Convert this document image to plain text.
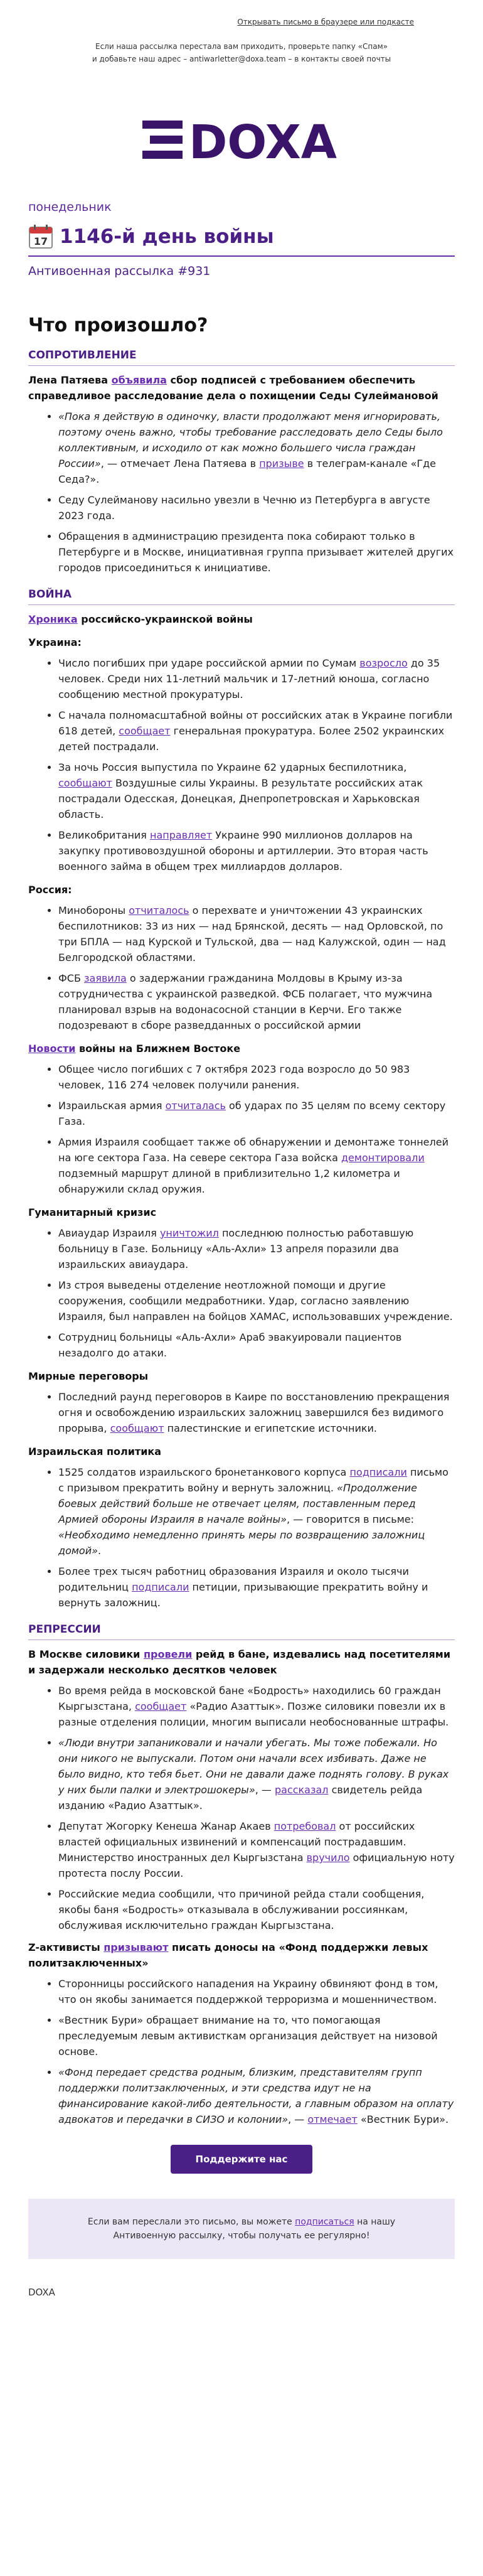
Открывать письмо в браузере или подкасте
Если наша рассылка перестала вам приходить, проверьте папку «Спам»
и добавьте наш адрес – antiwarletter@doxa.team – в контакты своей почты
DOXA
понедельник
17 1146-й день войны
Антивоенная рассылка #931
Что произошло?
СОПРОТИВЛЕНИЕ
Лена Патяева объявила сбор подписей с требованием обеспечить справедливое расследование дела о похищении Седы Сулеймановой
• «Пока я действую в одиночку, власти продолжают меня игнорировать, поэтому очень важно, чтобы требование расследовать дело Седы было коллективным, и исходило от как можно большего числа граждан России», — отмечает Лена Патяева в призыве в телеграм-канале «Где Седа?».
• Седу Сулейманову насильно увезли в Чечню из Петербурга в августе 2023 года.
• Обращения в администрацию президента пока собирают только в Петербурге и в Москве, инициативная группа призывает жителей других городов присоединиться к инициативе.
ВОЙНА
Хроника российско-украинской войны
Украина:
• Число погибших при ударе российской армии по Сумам возросло до 35 человек. Среди них 11-летний мальчик и 17-летний юноша, согласно сообщению местной прокуратуры.
• С начала полномасштабной войны от российских атак в Украине погибли 618 детей, сообщает генеральная прокуратура. Более 2502 украинских детей пострадали.
• За ночь Россия выпустила по Украине 62 ударных беспилотника, сообщают Воздушные силы Украины. В результате российских атак пострадали Одесская, Донецкая, Днепропетровская и Харьковская область.
• Великобритания направляет Украине 990 миллионов долларов на закупку противовоздушной обороны и артиллерии. Это вторая часть военного займа в общем трех миллиардов долларов.
Россия:
• Минобороны отчиталось о перехвате и уничтожении 43 украинских беспилотников: 33 из них — над Брянской, десять — над Орловской, по три БПЛА — над Курской и Тульской, два — над Калужской, один — над Белгородской областями.
• ФСБ заявила о задержании гражданина Молдовы в Крыму из-за сотрудничества с украинской разведкой. ФСБ полагает, что мужчина планировал взрыв на водонасосной станции в Керчи. Его также подозревают в сборе разведданных о российской армии
Новости войны на Ближнем Востоке
• Общее число погибших с 7 октября 2023 года возросло до 50 983 человек, 116 274 человек получили ранения.
• Израильская армия отчиталась об ударах по 35 целям по всему сектору Газа.
• Армия Израиля сообщает также об обнаружении и демонтаже тоннелей на юге сектора Газа. На севере сектора Газа войска демонтировали подземный маршрут длиной в приблизительно 1,2 километра и обнаружили склад оружия.
Гуманитарный кризис
• Авиаудар Израиля уничтожил последнюю полностью работавшую больницу в Газе. Больницу «Аль-Ахли» 13 апреля поразили два израильских авиаудара.
• Из строя выведены отделение неотложной помощи и другие сооружения, сообщили медработники. Удар, согласно заявлению Израиля, был направлен на бойцов ХАМАС, использовавших учреждение.
• Сотрудниц больницы «Аль-Ахли» Араб эвакуировали пациентов незадолго до атаки.
Мирные переговоры
• Последний раунд переговоров в Каире по восстановлению прекращения огня и освобождению израильских заложниц завершился без видимого прорыва, сообщают палестинские и египетские источники.
Израильская политика
• 1525 солдатов израильского бронетанкового корпуса подписали письмо с призывом прекратить войну и вернуть заложниц. «Продолжение боевых действий больше не отвечает целям, поставленным перед Армией обороны Израиля в начале войны», — говорится в письме: «Необходимо немедленно принять меры по возвращению заложниц домой».
• Более трех тысяч работниц образования Израиля и около тысячи родительниц подписали петиции, призывающие прекратить войну и вернуть заложниц.
РЕПРЕССИИ
В Москве силовики провели рейд в бане, издевались над посетителями и задержали несколько десятков человек
• Во время рейда в московской бане «Бодрость» находились 60 граждан Кыргызстана, сообщает «Радио Азаттык». Позже силовики повезли их в разные отделения полиции, многим выписали необоснованные штрафы.
• «Люди внутри запаниковали и начали убегать. Мы тоже побежали. Но они никого не выпускали. Потом они начали всех избивать. Даже не было видно, кто тебя бьет. Они не давали даже поднять голову. В руках у них были палки и электрошокеры», — рассказал свидетель рейда изданию «Радио Азаттык».
• Депутат Жогорку Кенеша Жанар Акаев потребовал от российских властей официальных извинений и компенсаций пострадавшим. Министерство иностранных дел Кыргызстана вручило официальную ноту протеста послу России.
• Российские медиа сообщили, что причиной рейда стали сообщения, якобы баня «Бодрость» отказывала в обслуживании россиянкам, обслуживая исключительно граждан Кыргызстана.
Z-активисты призывают писать доносы на «Фонд поддержки левых политзаключенных»
• Сторонницы российского нападения на Украину обвиняют фонд в том, что он якобы занимается поддержкой терроризма и мошенничеством.
• «Вестник Бури» обращает внимание на то, что помогающая преследуемым левым активисткам организация действует на низовой основе.
• «Фонд передает средства родным, близким, представителям групп поддержки политзаключенных, и эти средства идут не на финансирование какой-либо деятельности, а главным образом на оплату адвокатов и передачки в СИЗО и колонии», — отмечает «Вестник Бури».
Поддержите нас
Если вам переслали это письмо, вы можете подписаться на нашу Антивоенную рассылку, чтобы получать ее регулярно!
DOXA
